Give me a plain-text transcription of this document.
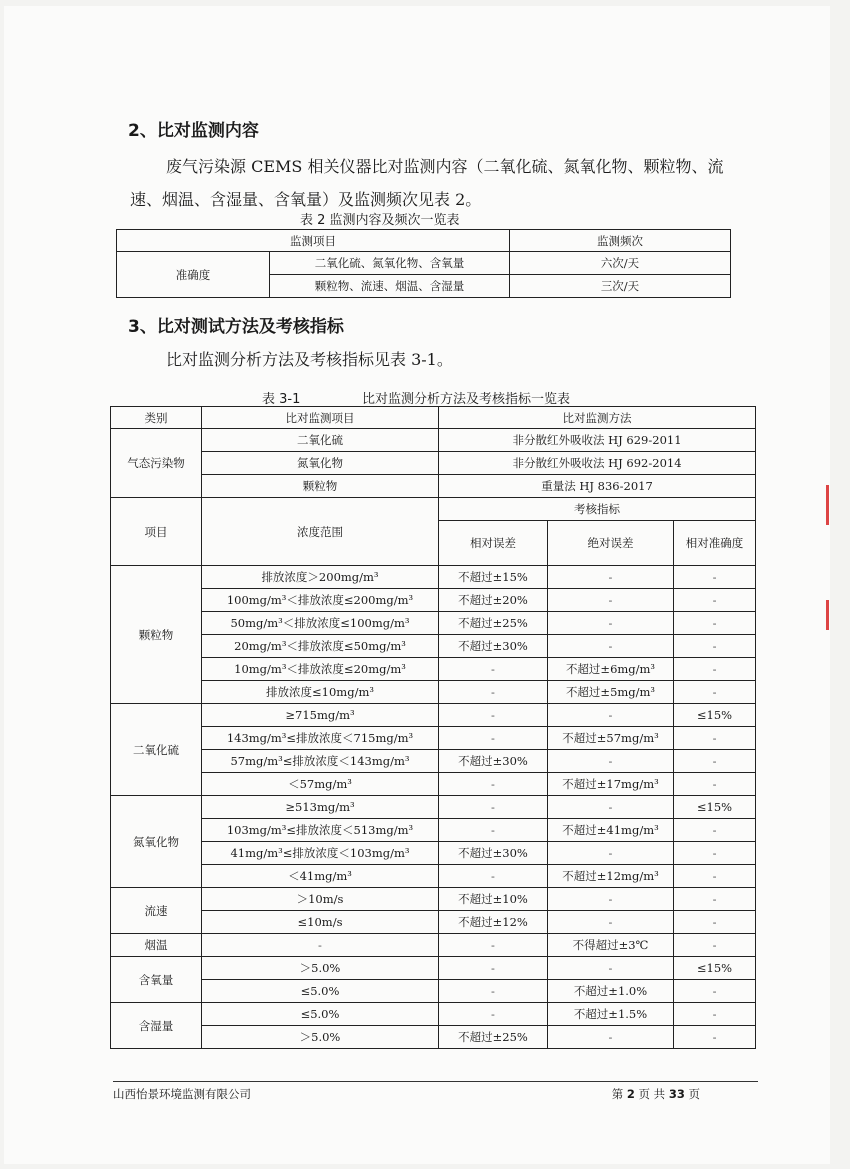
2、比对监测内容
废气污染源 CEMS 相关仪器比对监测内容（二氧化硫、氮氧化物、颗粒物、流速、烟温、含湿量、含氧量）及监测频次见表 2。
表 2 监测内容及频次一览表
监测项目		监测频次
准确度	二氧化硫、氮氧化物、含氧量	六次/天
	颗粒物、流速、烟温、含湿量	三次/天
3、比对测试方法及考核指标
比对监测分析方法及考核指标见表 3-1。
表 3-1	比对监测分析方法及考核指标一览表
类别	比对监测项目	比对监测方法		
气态污染物	二氧化硫	非分散红外吸收法 HJ 629-2011		
	氮氧化物	非分散红外吸收法 HJ 692-2014		
	颗粒物	重量法 HJ 836-2017		
项目	浓度范围	考核指标		
		相对误差	绝对误差	相对准确度
颗粒物	排放浓度＞200mg/m³	不超过±15%	-	-
	100mg/m³＜排放浓度≤200mg/m³	不超过±20%	-	-
	50mg/m³＜排放浓度≤100mg/m³	不超过±25%	-	-
	20mg/m³＜排放浓度≤50mg/m³	不超过±30%	-	-
	10mg/m³＜排放浓度≤20mg/m³	-	不超过±6mg/m³	-
	排放浓度≤10mg/m³	-	不超过±5mg/m³	-
二氧化硫	≥715mg/m³	-	-	≤15%
	143mg/m³≤排放浓度＜715mg/m³	-	不超过±57mg/m³	-
	57mg/m³≤排放浓度＜143mg/m³	不超过±30%	-	-
	＜57mg/m³	-	不超过±17mg/m³	-
氮氧化物	≥513mg/m³	-	-	≤15%
	103mg/m³≤排放浓度＜513mg/m³	-	不超过±41mg/m³	-
	41mg/m³≤排放浓度＜103mg/m³	不超过±30%	-	-
	＜41mg/m³	-	不超过±12mg/m³	-
流速	＞10m/s	不超过±10%	-	-
	≤10m/s	不超过±12%	-	-
烟温	-	-	不得超过±3℃	-
含氧量	＞5.0%	-	-	≤15%
	≤5.0%	-	不超过±1.0%	-
含湿量	≤5.0%	-	不超过±1.5%	-
	＞5.0%	不超过±25%	-	-
山西怡景环境监测有限公司	第 2 页 共 33 页
